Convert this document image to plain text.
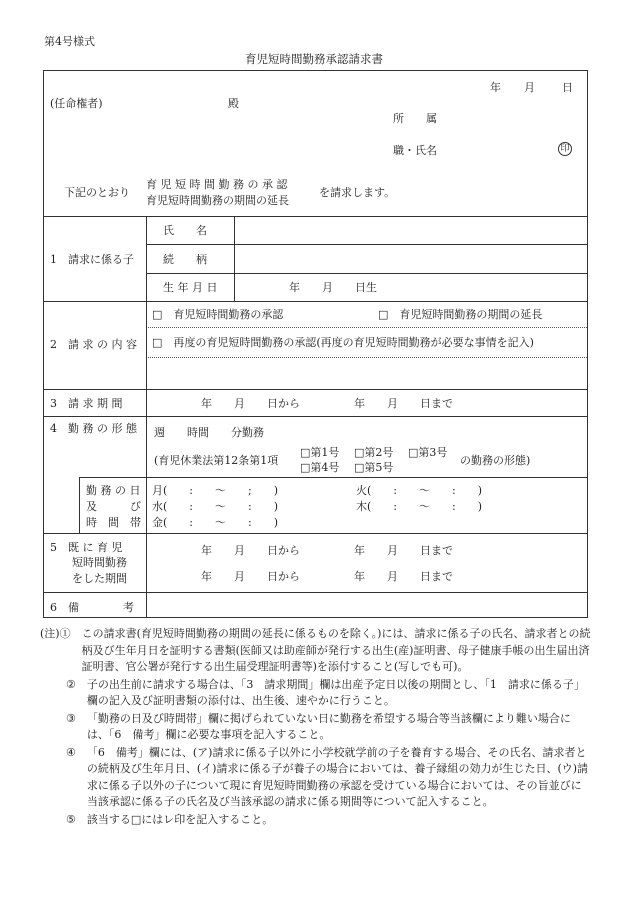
第4号様式
育児短時間勤務承認請求書
年 月 日
(任命権者)	殿
所　　属
職・氏名	印
下記のとおり
育 児 短 時 間 勤 務 の 承 認
育児短時間勤務の期間の延長
を請求します。
1　請求に係る子
氏　　名
続　　柄
生 年 月 日	年　　月　　日生
2　請 求 の 内 容
□　育児短時間勤務の承認	□　育児短時間勤務の期間の延長
□　再度の育児短時間勤務の承認(再度の育児短時間勤務が必要な事情を記入)
3　請 求 期 間	年　　月　　日から	年　　月　　日まで
4　勤 務 の 形 態 週　　時間　　分勤務
(育児休業法第12条第1項
□第1号 □第2号 □第3号
□第4号 □第5号
の勤務の形態)
勤 務 の 日
及　　　び
時　間　帯
月(　　:　　〜　　;　　)	火(　　:　　〜　　:　　)
水(　　:　　〜　　:　　)	木(　　:　　〜　　:　　)
金(　　:　　〜　　:　　)
5　既 に 育 児
短時間勤務
をした期間
年　　月　　日から	年　　月　　日まで
年　　月　　日から	年　　月　　日まで
6　備　　　　考
(注)①　 この請求書(育児短時間勤務の期間の延長に係るものを除く。)には、請求に係る子の氏名、請求者との続柄及び生年月日を証明する書類(医師又は助産師が発行する出生(産)証明書、母子健康手帳の出生届出済証明書、官公署が発行する出生届受理証明書等)を添付すること(写しでも可)。
②　 子の出生前に請求する場合は、「3　請求期間」欄は出産予定日以後の期間とし、「1　請求に係る子」欄の記入及び証明書類の添付は、出生後、速やかに行うこと。
③　 「勤務の日及び時間帯」欄に掲げられていない日に勤務を希望する場合等当該欄により難い場合には、「6　備考」欄に必要な事項を記入すること。
④　 「6　備考」欄には、(ア)請求に係る子以外に小学校就学前の子を養育する場合、その氏名、請求者との続柄及び生年月日、(イ)請求に係る子が養子の場合においては、養子縁組の効力が生じた日、(ウ)請求に係る子以外の子について現に育児短時間勤務の承認を受けている場合においては、その旨並びに当該承認に係る子の氏名及び当該承認の請求に係る期間等について記入すること。
⑤　 該当する□にはレ印を記入すること。
